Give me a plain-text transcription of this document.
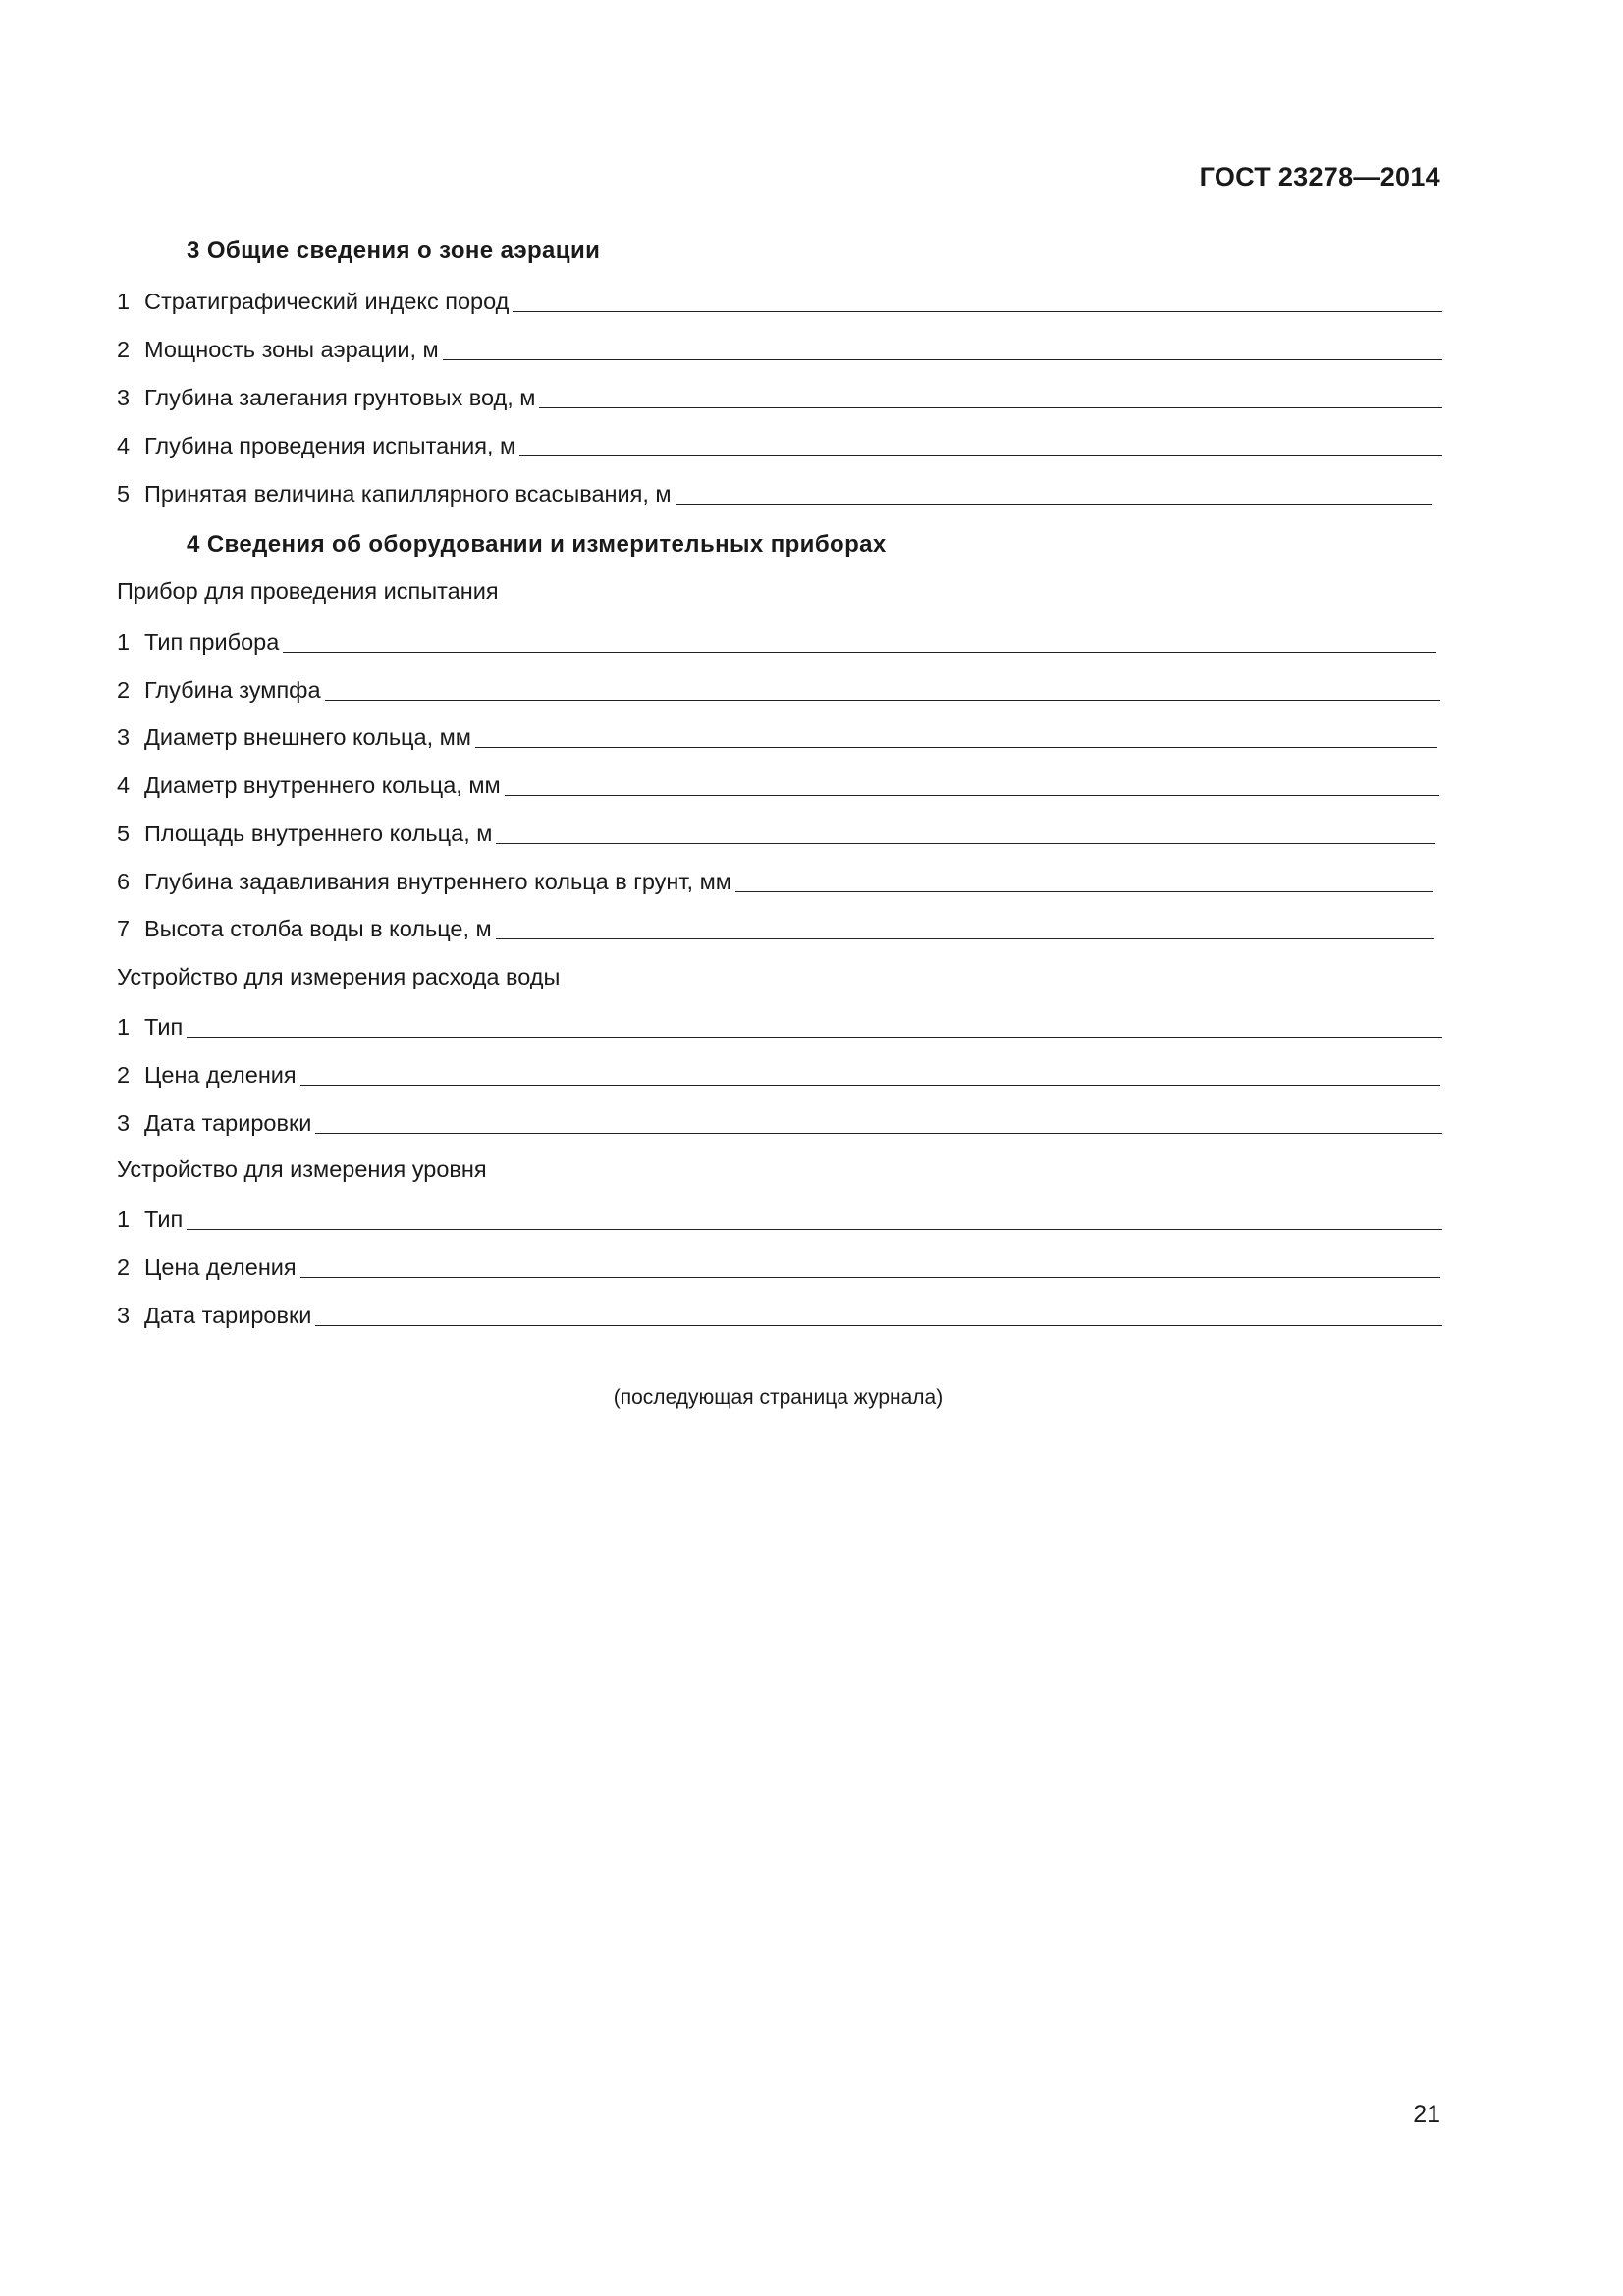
ГОСТ 23278—2014
3 Общие сведения о зоне аэрации
1 Стратиграфический индекс пород
2 Мощность зоны аэрации, м
3 Глубина залегания грунтовых вод, м
4 Глубина проведения испытания, м
5 Принятая величина капиллярного всасывания, м
4 Сведения об оборудовании и измерительных приборах
Прибор для проведения испытания
1 Тип прибора
2 Глубина зумпфа
3 Диаметр внешнего кольца, мм
4 Диаметр внутреннего кольца, мм
5 Площадь внутреннего кольца, м
6 Глубина задавливания внутреннего кольца в грунт, мм
7 Высота столба воды в кольце, м
Устройство для измерения расхода воды
1 Тип
2 Цена деления
3 Дата тарировки
Устройство для измерения уровня
1 Тип
2 Цена деления
3 Дата тарировки
(последующая страница журнала)
21
